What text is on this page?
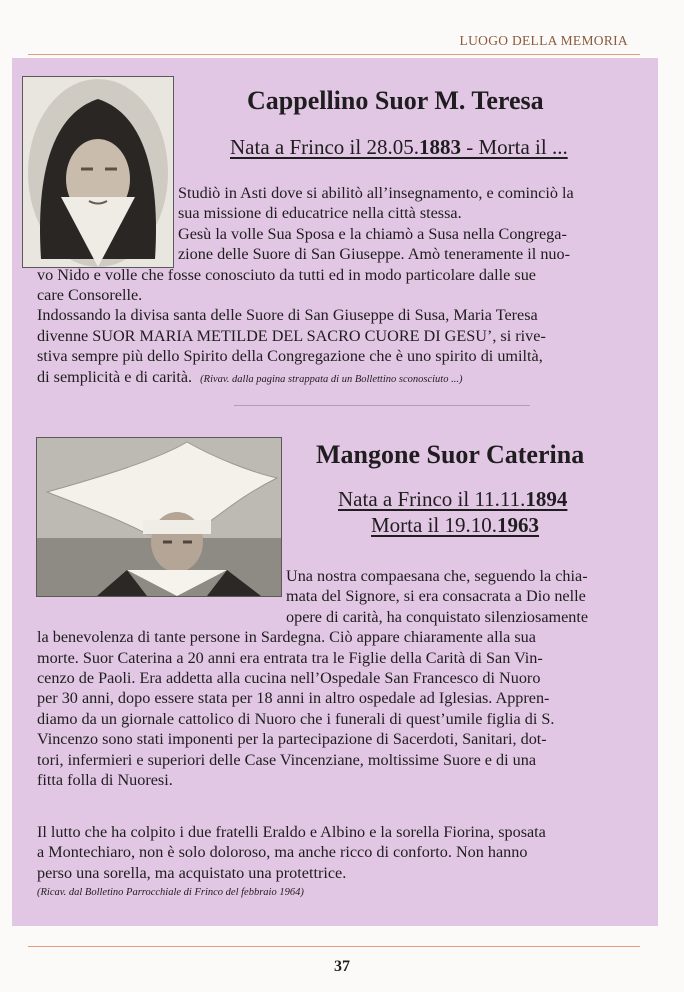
LUOGO DELLA MEMORIA
Cappellino Suor M. Teresa
Nata a Frinco il 28.05.1883 - Morta il ...
Studiò in Asti dove si abilitò all’insegnamento, e cominciò la
sua missione di educatrice nella città stessa.
Gesù la volle Sua Sposa e la chiamò a Susa nella Congrega-
zione delle Suore di San Giuseppe. Amò teneramente il nuo-
vo Nido e volle che fosse conosciuto da tutti ed in modo particolare dalle sue
care Consorelle.
Indossando la divisa santa delle Suore di San Giuseppe di Susa, Maria Teresa
divenne SUOR MARIA METILDE DEL SACRO CUORE DI GESU’, si rive-
stiva sempre più dello Spirito della Congregazione che è uno spirito di umiltà,
di semplicità e di carità. (Rivav. dalla pagina strappata di un Bollettino sconosciuto ...)
Mangone Suor Caterina
Nata a Frinco il 11.11.1894
Morta il 19.10.1963
Una nostra compaesana che, seguendo la chia-
mata del Signore, si era consacrata a Dio nelle
opere di carità, ha conquistato silenziosamente
la benevolenza di tante persone in Sardegna. Ciò appare chiaramente alla sua
morte. Suor Caterina a 20 anni era entrata tra le Figlie della Carità di San Vin-
cenzo de Paoli. Era addetta alla cucina nell’Ospedale San Francesco di Nuoro
per 30 anni, dopo essere stata per 18 anni in altro ospedale ad Iglesias. Appren-
diamo da un giornale cattolico di Nuoro che i funerali di quest’umile figlia di S.
Vincenzo sono stati imponenti per la partecipazione di Sacerdoti, Sanitari, dot-
tori, infermieri e superiori delle Case Vincenziane, moltissime Suore e di una
fitta folla di Nuoresi.
Il lutto che ha colpito i due fratelli Eraldo e Albino e la sorella Fiorina, sposata
a Montechiaro, non è solo doloroso, ma anche ricco di conforto. Non hanno
perso una sorella, ma acquistato una protettrice.
(Ricav. dal Bolletino Parrocchiale di Frinco del febbraio 1964)
37
